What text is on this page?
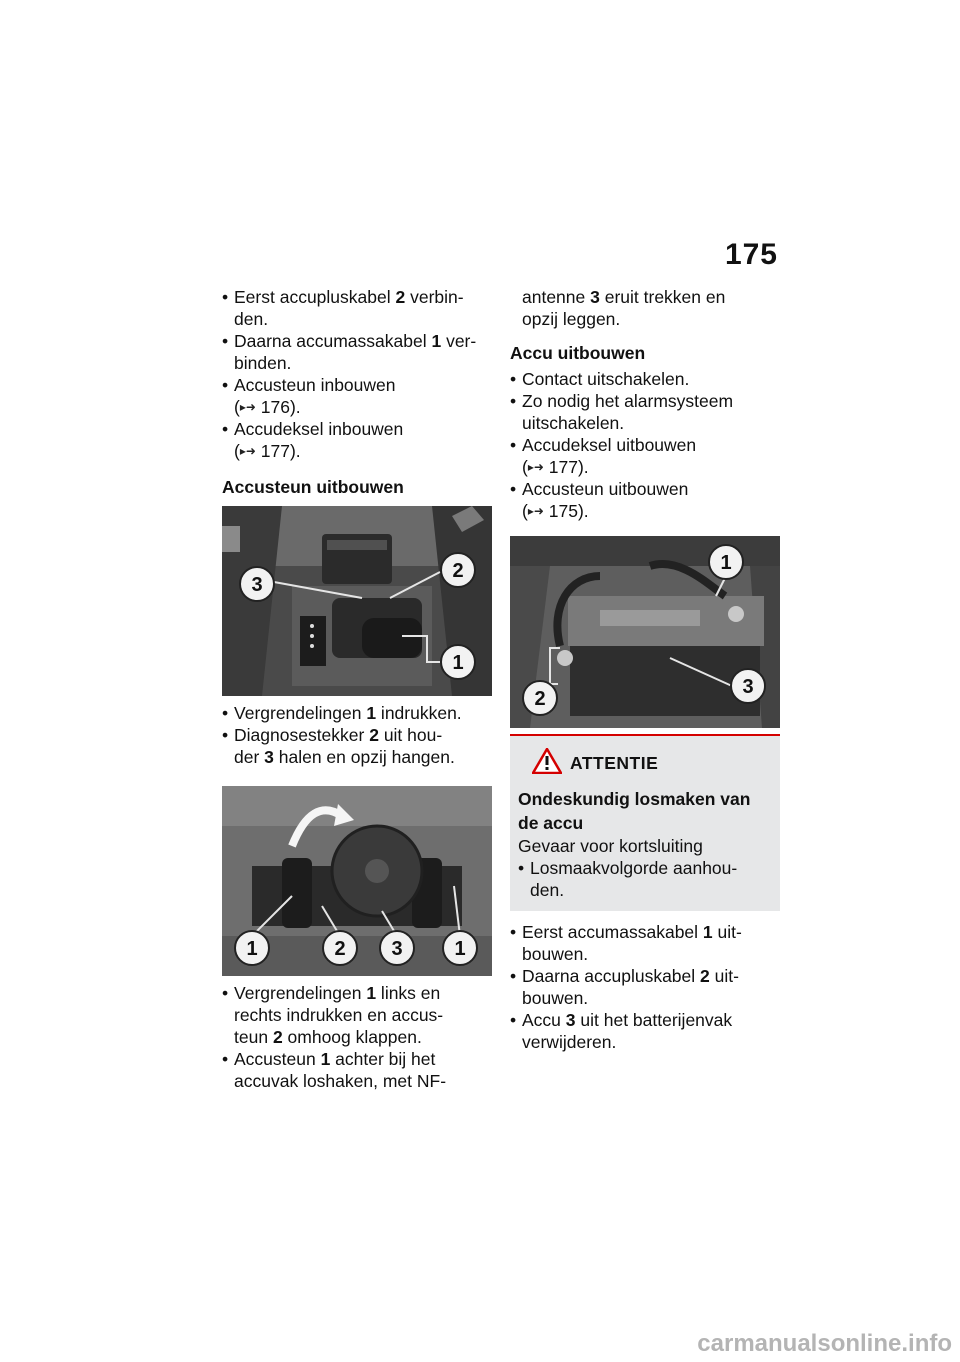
175

• Eerst accupluskabel 2 verbin-

den.

• Daarna accumassakabel 1 ver-

binden.

• Accusteun inbouwen

(▸➜ 176).

• Accudeksel inbouwen

(▸➜ 177).

Accusteun uitbouwen

3
2
1

• Vergrendelingen 1 indrukken.

• Diagnosestekker 2 uit hou-

der 3 halen en opzij hangen.

1	2 3	1

• Vergrendelingen 1 links en

rechts indrukken en accus-

teun 2 omhoog klappen.

• Accusteun 1 achter bij het

accuvak loshaken, met NF-

antenne 3 eruit trekken en

opzij leggen.

Accu uitbouwen

• Contact uitschakelen.

• Zo nodig het alarmsysteem

uitschakelen.

• Accudeksel uitbouwen

(▸➜ 177).

• Accusteun uitbouwen

(▸➜ 175).

1
2
3
ATTENTIE

Ondeskundig losmaken van de accu

Gevaar voor kortsluiting

• Losmaakvolgorde aanhou-

den.

• Eerst accumassakabel 1 uit-

bouwen.

• Daarna accupluskabel 2 uit-

bouwen.

• Accu 3 uit het batterijenvak

verwijderen.

carmanualsonline.info
